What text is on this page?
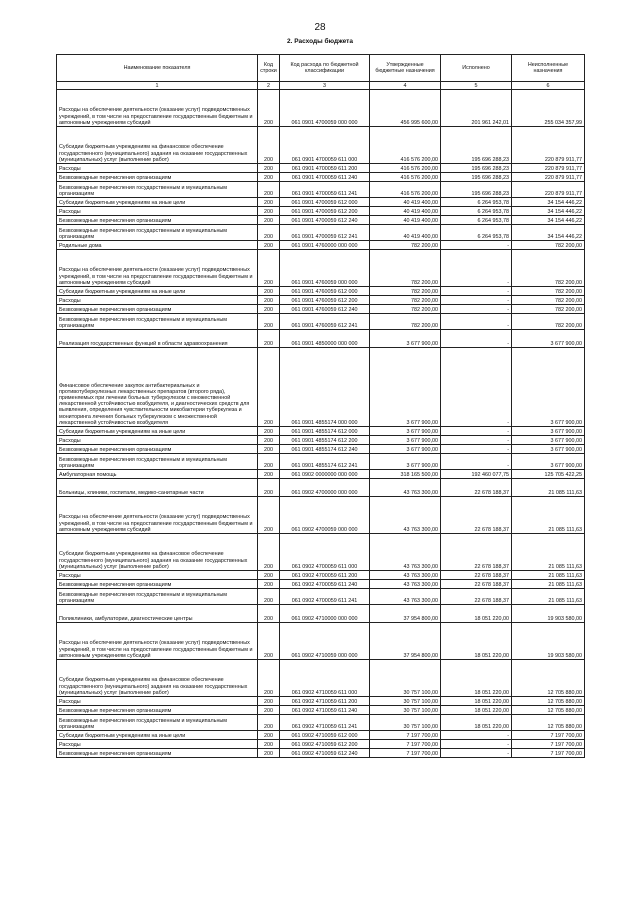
28
2. Расходы бюджета
Наименование показателя	Код строки	Код расхода по бюджетной классификации	Утвержденные бюджетные назначения	Исполнено	Неисполненные назначения
1	2	3	4	5	6
Расходы на обеспечение деятельности (оказание услуг) подведомственных учреждений, в том числе на предоставление государственным бюджетным и автономным учреждениям субсидий	200	061 0901 4700059 000 000	456 995 600,00	201 961 242,01	255 034 357,99
Субсидии бюджетным учреждениям на финансовое обеспечение государственного (муниципального) задания на оказание государственных (муниципальных) услуг (выполнение работ)	200	061 0901 4700059 611 000	416 576 200,00	195 696 288,23	220 879 911,77
Расходы	200	061 0901 4700059 611 200	416 576 200,00	195 696 288,23	220 879 911,77
Безвозмездные перечисления организациям	200	061 0901 4700059 611 240	416 576 200,00	195 696 288,23	220 879 911,77
Безвозмездные перечисления государственным и муниципальным организациям	200	061 0901 4700059 611 241	416 576 200,00	195 696 288,23	220 879 911,77
Субсидии бюджетным учреждениям на иные цели	200	061 0901 4700059 612 000	40 419 400,00	6 264 953,78	34 154 446,22
Расходы	200	061 0901 4700059 612 200	40 419 400,00	6 264 953,78	34 154 446,22
Безвозмездные перечисления организациям	200	061 0901 4700059 612 240	40 419 400,00	6 264 953,78	34 154 446,22
Безвозмездные перечисления государственным и муниципальным организациям	200	061 0901 4700059 612 241	40 419 400,00	6 264 953,78	34 154 446,22
Родильные дома	200	061 0901 4760000 000 000	782 200,00	-	782 200,00
Расходы на обеспечение деятельности (оказание услуг) подведомственных учреждений, в том числе на предоставление государственным бюджетным и автономным учреждениям субсидий	200	061 0901 4760059 000 000	782 200,00	-	782 200,00
Субсидии бюджетным учреждениям на иные цели	200	061 0901 4760059 612 000	782 200,00	-	782 200,00
Расходы	200	061 0901 4760059 612 200	782 200,00	-	782 200,00
Безвозмездные перечисления организациям	200	061 0901 4760059 612 240	782 200,00	-	782 200,00
Безвозмездные перечисления государственным и муниципальным организациям	200	061 0901 4760059 612 241	782 200,00	-	782 200,00
Реализация государственных функций в области здравоохранения	200	061 0901 4850000 000 000	3 677 900,00	-	3 677 900,00
Финансовое обеспечение закупок антибактериальных и противотуберкулезных лекарственных препаратов (второго ряда), применяемых при лечении больных туберкулезом с множественной лекарственной устойчивостью возбудителя, и диагностических средств для выявления, определения чувствительности микобактерии туберкулеза и мониторинга лечения больных туберкулезом с множественной лекарственной устойчивостью возбудителя	200	061 0901 4855174 000 000	3 677 900,00	-	3 677 900,00
Субсидии бюджетным учреждениям на иные цели	200	061 0901 4855174 612 000	3 677 900,00	-	3 677 900,00
Расходы	200	061 0901 4855174 612 200	3 677 900,00	-	3 677 900,00
Безвозмездные перечисления организациям	200	061 0901 4855174 612 240	3 677 900,00	-	3 677 900,00
Безвозмездные перечисления государственным и муниципальным организациям	200	061 0901 4855174 612 241	3 677 900,00	-	3 677 900,00
Амбулаторная помощь	200	061 0902 0000000 000 000	318 165 500,00	192 460 077,75	125 705 422,25
Больницы, клиники, госпитали, медико-санитарные части	200	061 0902 4700000 000 000	43 763 300,00	22 678 188,37	21 085 111,63
Расходы на обеспечение деятельности (оказание услуг) подведомственных учреждений, в том числе на предоставление государственным бюджетным и автономным учреждениям субсидий	200	061 0902 4700059 000 000	43 763 300,00	22 678 188,37	21 085 111,63
Субсидии бюджетным учреждениям на финансовое обеспечение государственного (муниципального) задания на оказание государственных (муниципальных) услуг (выполнение работ)	200	061 0902 4700059 611 000	43 763 300,00	22 678 188,37	21 085 111,63
Расходы	200	061 0902 4700059 611 200	43 763 300,00	22 678 188,37	21 085 111,63
Безвозмездные перечисления организациям	200	061 0902 4700059 611 240	43 763 300,00	22 678 188,37	21 085 111,63
Безвозмездные перечисления государственным и муниципальным организациям	200	061 0902 4700059 611 241	43 763 300,00	22 678 188,37	21 085 111,63
Поликлиники, амбулатории, диагностические центры	200	061 0902 4710000 000 000	37 954 800,00	18 051 220,00	19 903 580,00
Расходы на обеспечение деятельности (оказание услуг) подведомственных учреждений, в том числе на предоставление государственным бюджетным и автономным учреждениям субсидий	200	061 0902 4710059 000 000	37 954 800,00	18 051 220,00	19 903 580,00
Субсидии бюджетным учреждениям на финансовое обеспечение государственного (муниципального) задания на оказание государственных (муниципальных) услуг (выполнение работ)	200	061 0902 4710059 611 000	30 757 100,00	18 051 220,00	12 705 880,00
Расходы	200	061 0902 4710059 611 200	30 757 100,00	18 051 220,00	12 705 880,00
Безвозмездные перечисления организациям	200	061 0902 4710059 611 240	30 757 100,00	18 051 220,00	12 705 880,00
Безвозмездные перечисления государственным и муниципальным организациям	200	061 0902 4710059 611 241	30 757 100,00	18 051 220,00	12 705 880,00
Субсидии бюджетным учреждениям на иные цели	200	061 0902 4710059 612 000	7 197 700,00	-	7 197 700,00
Расходы	200	061 0902 4710059 612 200	7 197 700,00	-	7 197 700,00
Безвозмездные перечисления организациям	200	061 0902 4710059 612 240	7 197 700,00	-	7 197 700,00
